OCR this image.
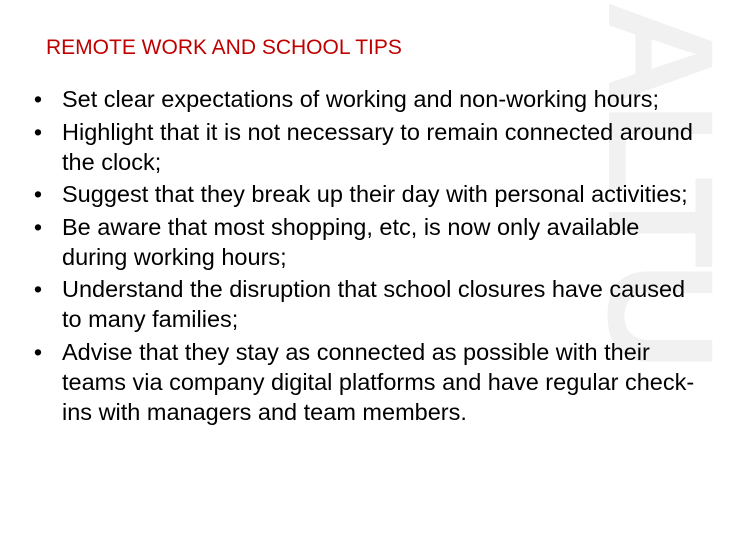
ALTU
REMOTE WORK AND SCHOOL TIPS
• Set clear expectations of working and non-working hours;
• Highlight that it is not necessary to remain connected around the clock;
• Suggest that they break up their day with personal activities;
• Be aware that most shopping, etc, is now only available during working hours;
• Understand the disruption that school closures have caused to many families;
• Advise that they stay as connected as possible with their teams via company digital platforms and have regular check-ins with managers and team members.
